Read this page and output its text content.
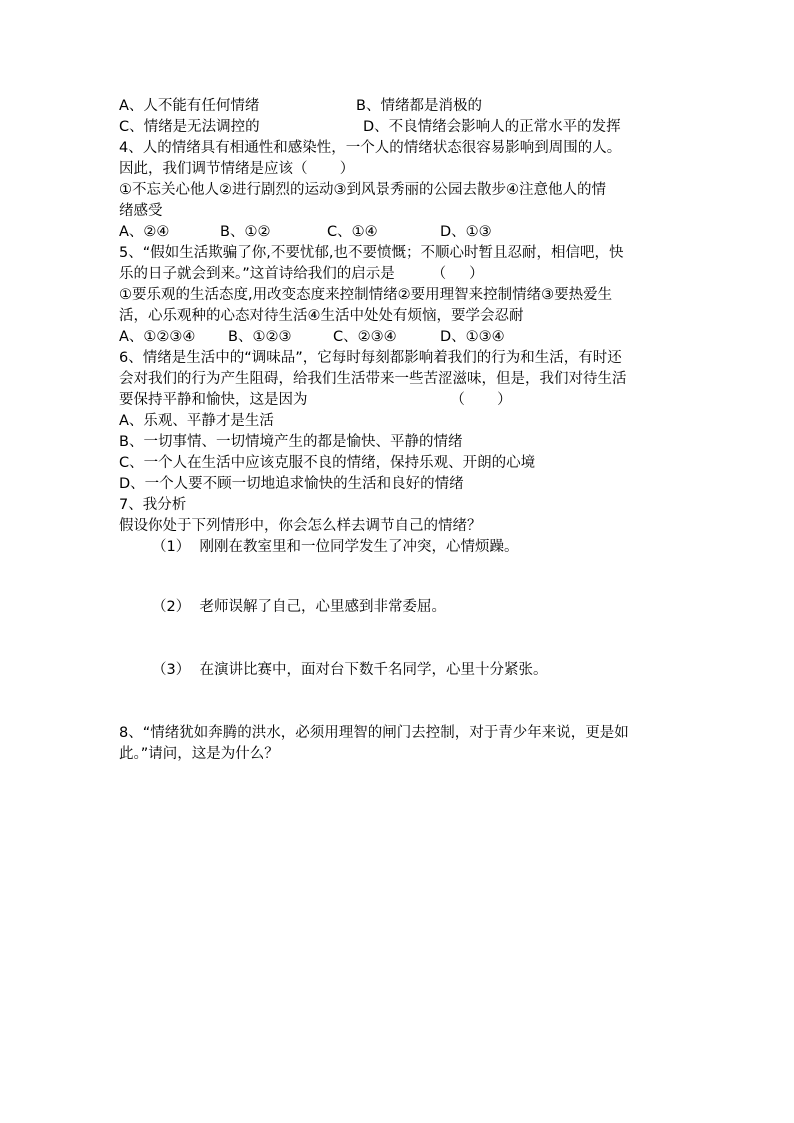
A、人不能有任何情绪	B、情绪都是消极的
C、情绪是无法调控的	D、不良情绪会影响人的正常水平的发挥
4、人的情绪具有相通性和感染性，一个人的情绪状态很容易影响到周围的人。
因此，我们调节情绪是应该（       ）
①不忘关心他人②进行剧烈的运动③到风景秀丽的公园去散步④注意他人的情
绪感受
A、②④	B、①②	C、①④	D、①③
5、“假如生活欺骗了你,不要忧郁,也不要愤慨；不顺心时暂且忍耐，相信吧，快
乐的日子就会到来。”这首诗给我们的启示是        （     ）
①要乐观的生活态度,用改变态度来控制情绪②要用理智来控制情绪③要热爱生
活，心乐观种的心态对待生活④生活中处处有烦恼，要学会忍耐
A、①②③④ B、①②③	C、②③④	D、①③④
6、情绪是生活中的“调味品”，它每时每刻都影响着我们的行为和生活，有时还
会对我们的行为产生阻碍，给我们生活带来一些苦涩滋味，但是，我们对待生活
要保持平静和愉快，这是因为                               （       ）
A、乐观、平静才是生活
B、一切事情、一切情境产生的都是愉快、平静的情绪
C、一个人在生活中应该克服不良的情绪，保持乐观、开朗的心境
D、一个人要不顾一切地追求愉快的生活和良好的情绪
7、我分析
假设你处于下列情形中，你会怎么样去调节自己的情绪？
（1）  刚刚在教室里和一位同学发生了冲突，心情烦躁。
（2）  老师误解了自己，心里感到非常委屈。
（3）  在演讲比赛中，面对台下数千名同学，心里十分紧张。
8、“情绪犹如奔腾的洪水，必须用理智的闸门去控制，对于青少年来说，更是如
此。”请问，这是为什么？
